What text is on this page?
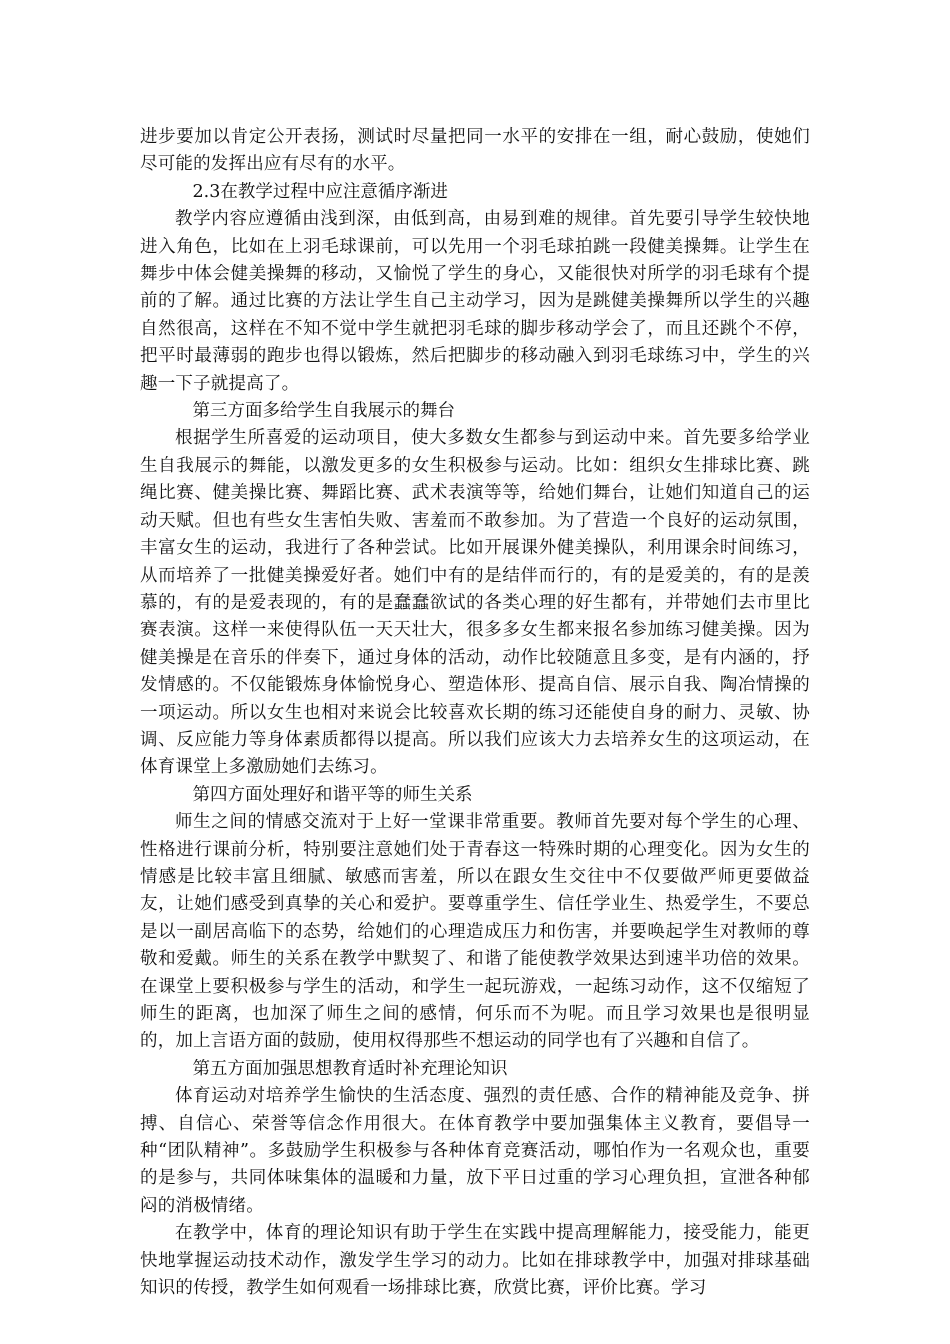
进步要加以肯定公开表扬，测试时尽量把同一水平的安排在一组，耐心鼓励，使她们尽可能的发挥出应有尽有的水平。

2.3在教学过程中应注意循序渐进

教学内容应遵循由浅到深，由低到高，由易到难的规律。首先要引导学生较快地进入角色，比如在上羽毛球课前，可以先用一个羽毛球拍跳一段健美操舞。让学生在舞步中体会健美操舞的移动，又愉悦了学生的身心，又能很快对所学的羽毛球有个提前的了解。通过比赛的方法让学生自己主动学习，因为是跳健美操舞所以学生的兴趣自然很高，这样在不知不觉中学生就把羽毛球的脚步移动学会了，而且还跳个不停，把平时最薄弱的跑步也得以锻炼，然后把脚步的移动融入到羽毛球练习中，学生的兴趣一下子就提高了。

第三方面多给学生自我展示的舞台

根据学生所喜爱的运动项目，使大多数女生都参与到运动中来。首先要多给学业生自我展示的舞能，以激发更多的女生积极参与运动。比如：组织女生排球比赛、跳绳比赛、健美操比赛、舞蹈比赛、武术表演等等，给她们舞台，让她们知道自己的运动天赋。但也有些女生害怕失败、害羞而不敢参加。为了营造一个良好的运动氛围，丰富女生的运动，我进行了各种尝试。比如开展课外健美操队，利用课余时间练习，从而培养了一批健美操爱好者。她们中有的是结伴而行的，有的是爱美的，有的是羡慕的，有的是爱表现的，有的是蠢蠢欲试的各类心理的好生都有，并带她们去市里比赛表演。这样一来使得队伍一天天壮大，很多多女生都来报名参加练习健美操。因为健美操是在音乐的伴奏下，通过身体的活动，动作比较随意且多变，是有内涵的，抒发情感的。不仅能锻炼身体愉悦身心、塑造体形、提高自信、展示自我、陶冶情操的一项运动。所以女生也相对来说会比较喜欢长期的练习还能使自身的耐力、灵敏、协调、反应能力等身体素质都得以提高。所以我们应该大力去培养女生的这项运动，在体育课堂上多激励她们去练习。

第四方面处理好和谐平等的师生关系

师生之间的情感交流对于上好一堂课非常重要。教师首先要对每个学生的心理、性格进行课前分析，特别要注意她们处于青春这一特殊时期的心理变化。因为女生的情感是比较丰富且细腻、敏感而害羞，所以在跟女生交往中不仅要做严师更要做益友，让她们感受到真挚的关心和爱护。要尊重学生、信任学业生、热爱学生，不要总是以一副居高临下的态势，给她们的心理造成压力和伤害，并要唤起学生对教师的尊敬和爱戴。师生的关系在教学中默契了、和谐了能使教学效果达到速半功倍的效果。在课堂上要积极参与学生的活动，和学生一起玩游戏，一起练习动作，这不仅缩短了师生的距离，也加深了师生之间的感情，何乐而不为呢。而且学习效果也是很明显的，加上言语方面的鼓励，使用权得那些不想运动的同学也有了兴趣和自信了。

第五方面加强思想教育适时补充理论知识

体育运动对培养学生愉快的生活态度、强烈的责任感、合作的精神能及竞争、拼搏、自信心、荣誉等信念作用很大。在体育教学中要加强集体主义教育，要倡导一种“团队精神”。多鼓励学生积极参与各种体育竞赛活动，哪怕作为一名观众也，重要的是参与，共同体味集体的温暖和力量，放下平日过重的学习心理负担，宣泄各种郁闷的消极情绪。

在教学中，体育的理论知识有助于学生在实践中提高理解能力，接受能力，能更快地掌握运动技术动作，激发学生学习的动力。比如在排球教学中，加强对排球基础知识的传授，教学生如何观看一场排球比赛，欣赏比赛，评价比赛。学习
